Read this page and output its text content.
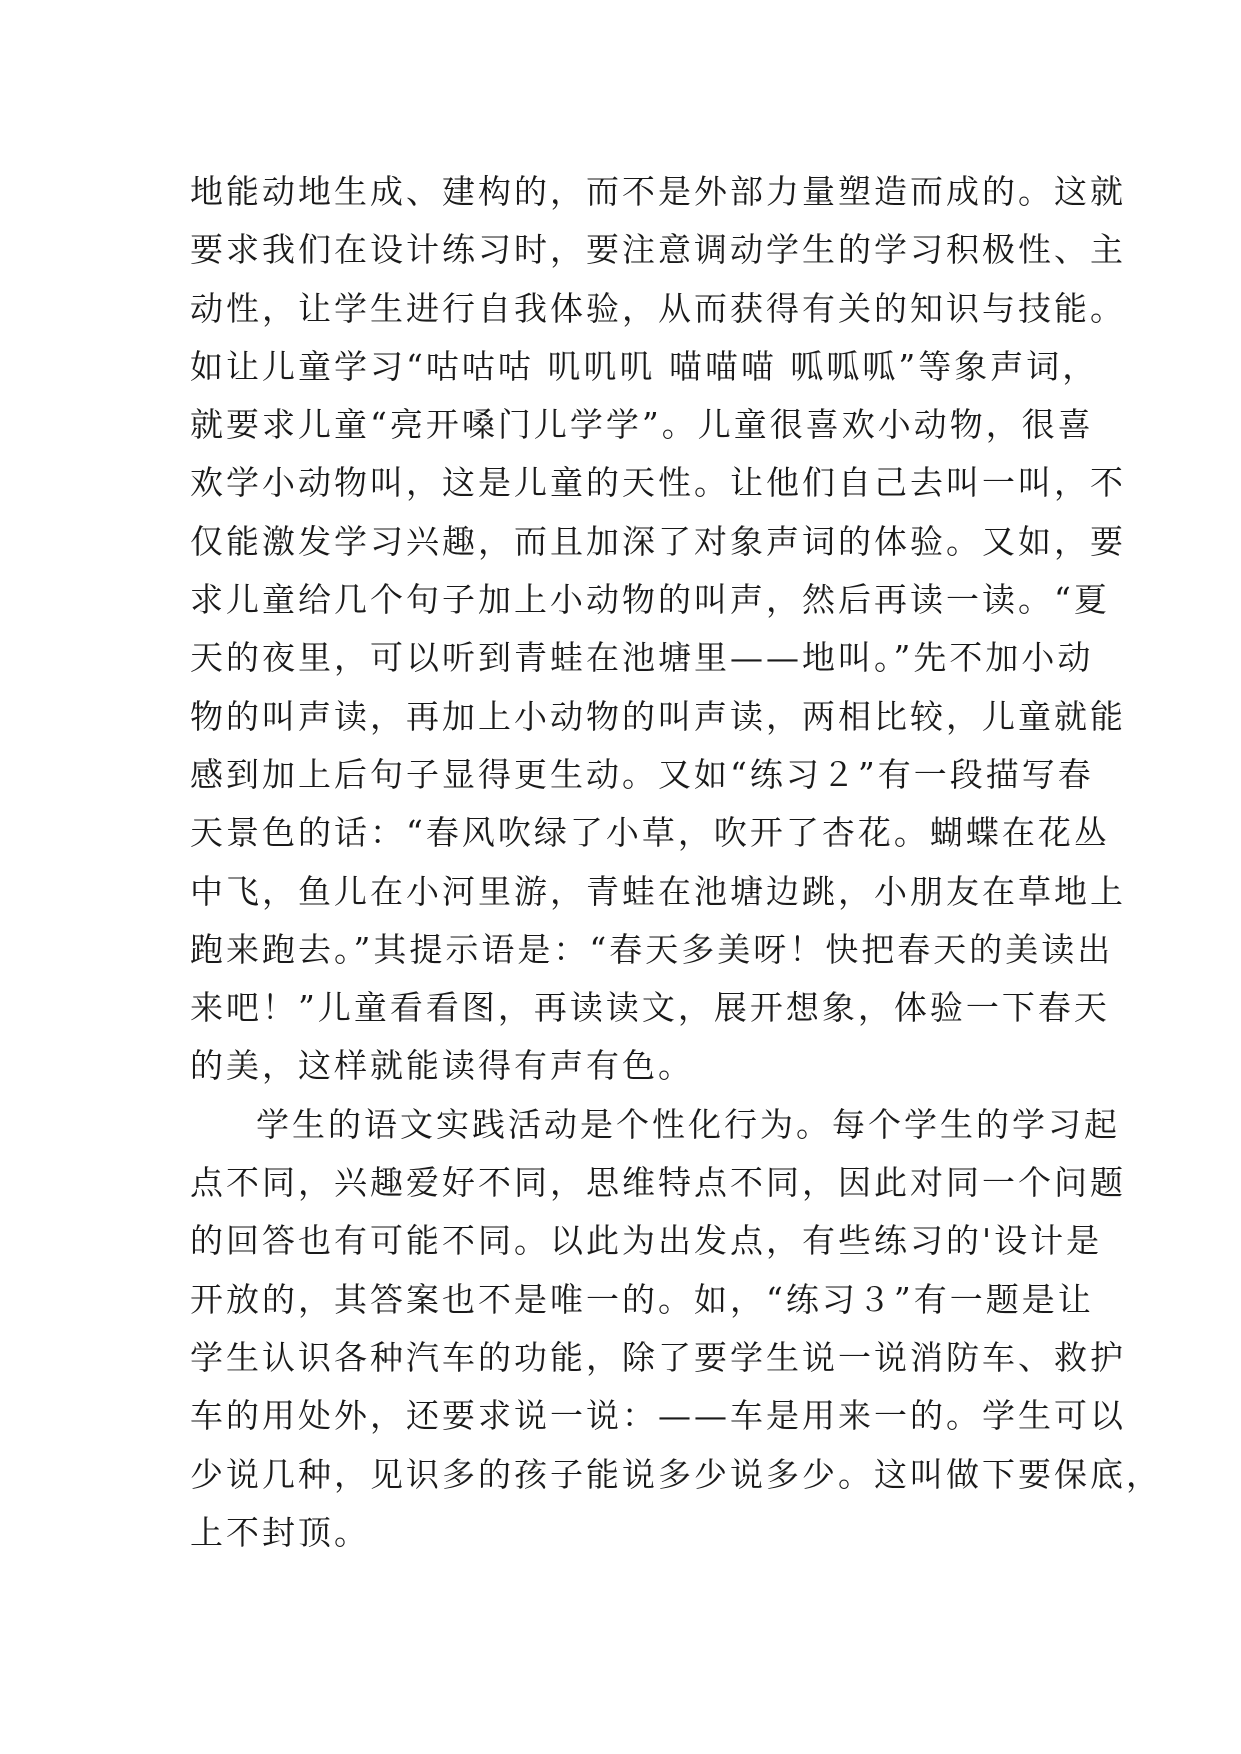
地能动地生成、建构的，而不是外部力量塑造而成的。这就
要求我们在设计练习时，要注意调动学生的学习积极性、主
动性，让学生进行自我体验，从而获得有关的知识与技能。
如让儿童学习“咕咕咕 叽叽叽 喵喵喵 呱呱呱”等象声词，
就要求儿童“亮开嗓门儿学学”。儿童很喜欢小动物，很喜
欢学小动物叫，这是儿童的天性。让他们自己去叫一叫，不
仅能激发学习兴趣，而且加深了对象声词的体验。又如，要
求儿童给几个句子加上小动物的叫声，然后再读一读。“夏
天的夜里，可以听到青蛙在池塘里——地叫。”先不加小动
物的叫声读，再加上小动物的叫声读，两相比较，儿童就能
感到加上后句子显得更生动。又如“练习２”有一段描写春
天景色的话：“春风吹绿了小草，吹开了杏花。蝴蝶在花丛
中飞，鱼儿在小河里游，青蛙在池塘边跳，小朋友在草地上
跑来跑去。”其提示语是：“春天多美呀！快把春天的美读出
来吧！”儿童看看图，再读读文，展开想象，体验一下春天
的美，这样就能读得有声有色。
学生的语文实践活动是个性化行为。每个学生的学习起
点不同，兴趣爱好不同，思维特点不同，因此对同一个问题
的回答也有可能不同。以此为出发点，有些练习的'设计是
开放的，其答案也不是唯一的。如，“练习３”有一题是让
学生认识各种汽车的功能，除了要学生说一说消防车、救护
车的用处外，还要求说一说：——车是用来一的。学生可以
少说几种，见识多的孩子能说多少说多少。这叫做下要保底，
上不封顶。
